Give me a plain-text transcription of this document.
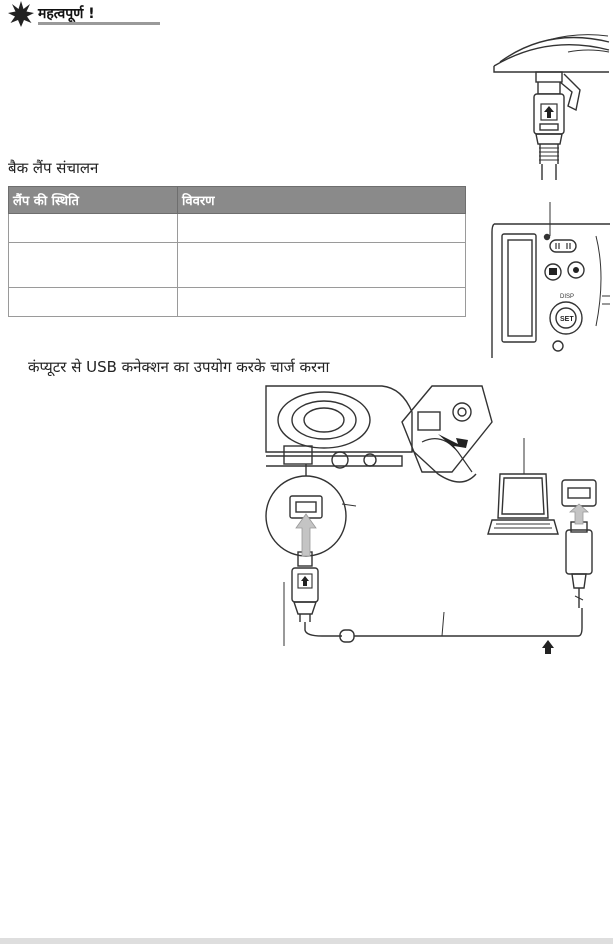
महत्वपूर्ण !
बैक लैंप संचालन
लैंप की स्थिति	विवरण

DISP
SET
कंप्यूटर से USB कनेक्शन का उपयोग करके चार्ज करना
